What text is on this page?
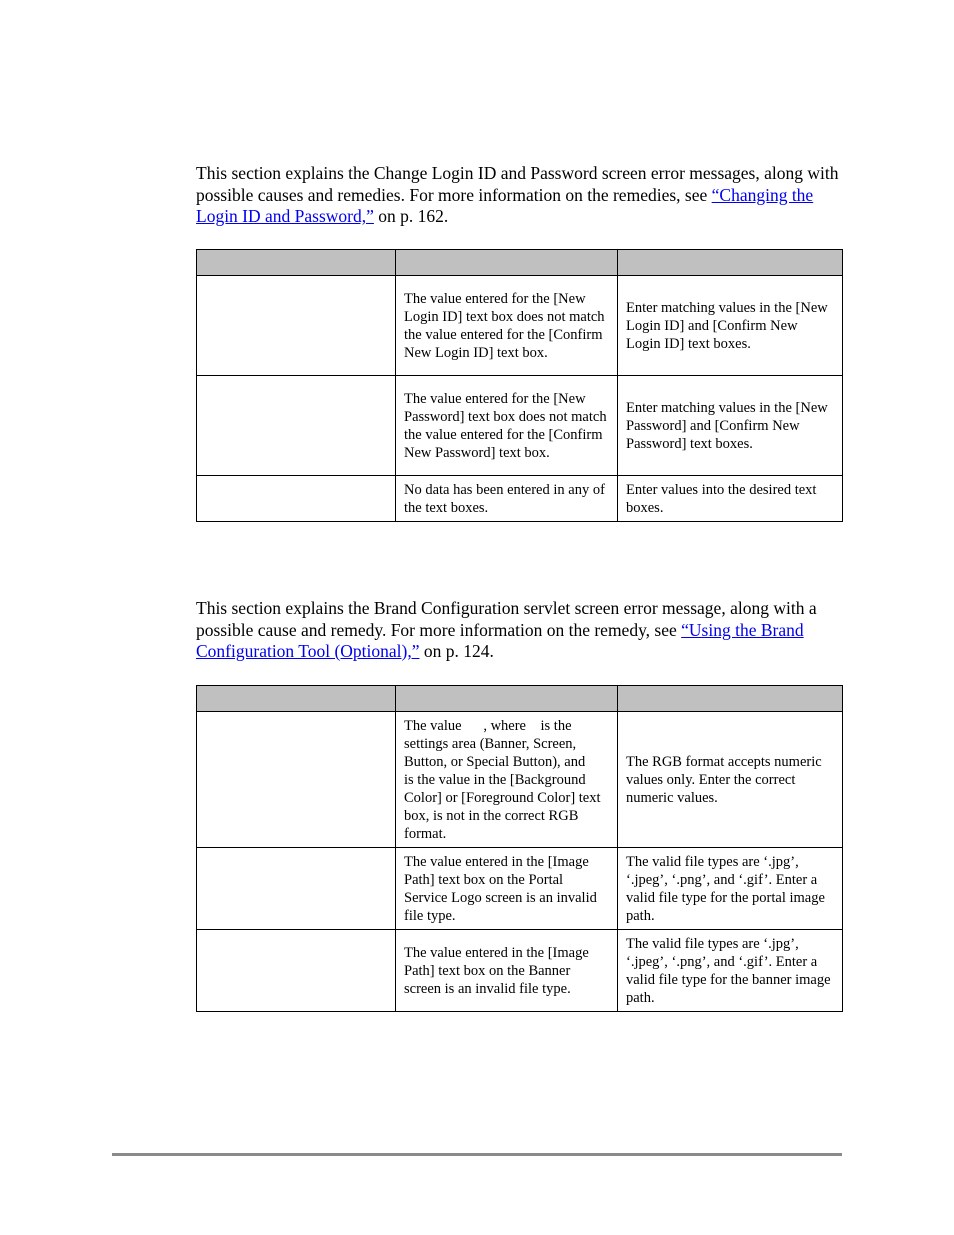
This section explains the Change Login ID and Password screen error messages, along with possible causes and remedies. For more information on the remedies, see “Changing the Login ID and Password,” on p. 162.

	The value entered for the [New Login ID] text box does not match the value entered for the [Confirm New Login ID] text box.	Enter matching values in the [New Login ID] and [Confirm New Login ID] text boxes.
	The value entered for the [New Password] text box does not match the value entered for the [Confirm New Password] text box.	Enter matching values in the [New Password] and [Confirm New Password] text boxes.
	No data has been entered in any of the text boxes.	Enter values into the desired text boxes.

This section explains the Brand Configuration servlet screen error message, along with a possible cause and remedy. For more information on the remedy, see “Using the Brand Configuration Tool (Optional),” on p. 124.

	The value      , where    is the settings area (Banner, Screen, Button, or Special Button), and    is the value in the [Background Color] or [Foreground Color] text box, is not in the correct RGB format.	The RGB format accepts numeric values only. Enter the correct numeric values.
	The value entered in the [Image Path] text box on the Portal Service Logo screen is an invalid file type.	The valid file types are ‘.jpg’, ‘.jpeg’, ‘.png’, and ‘.gif’. Enter a valid file type for the portal image path.
	The value entered in the [Image Path] text box on the Banner screen is an invalid file type.	The valid file types are ‘.jpg’, ‘.jpeg’, ‘.png’, and ‘.gif’. Enter a valid file type for the banner image path.
